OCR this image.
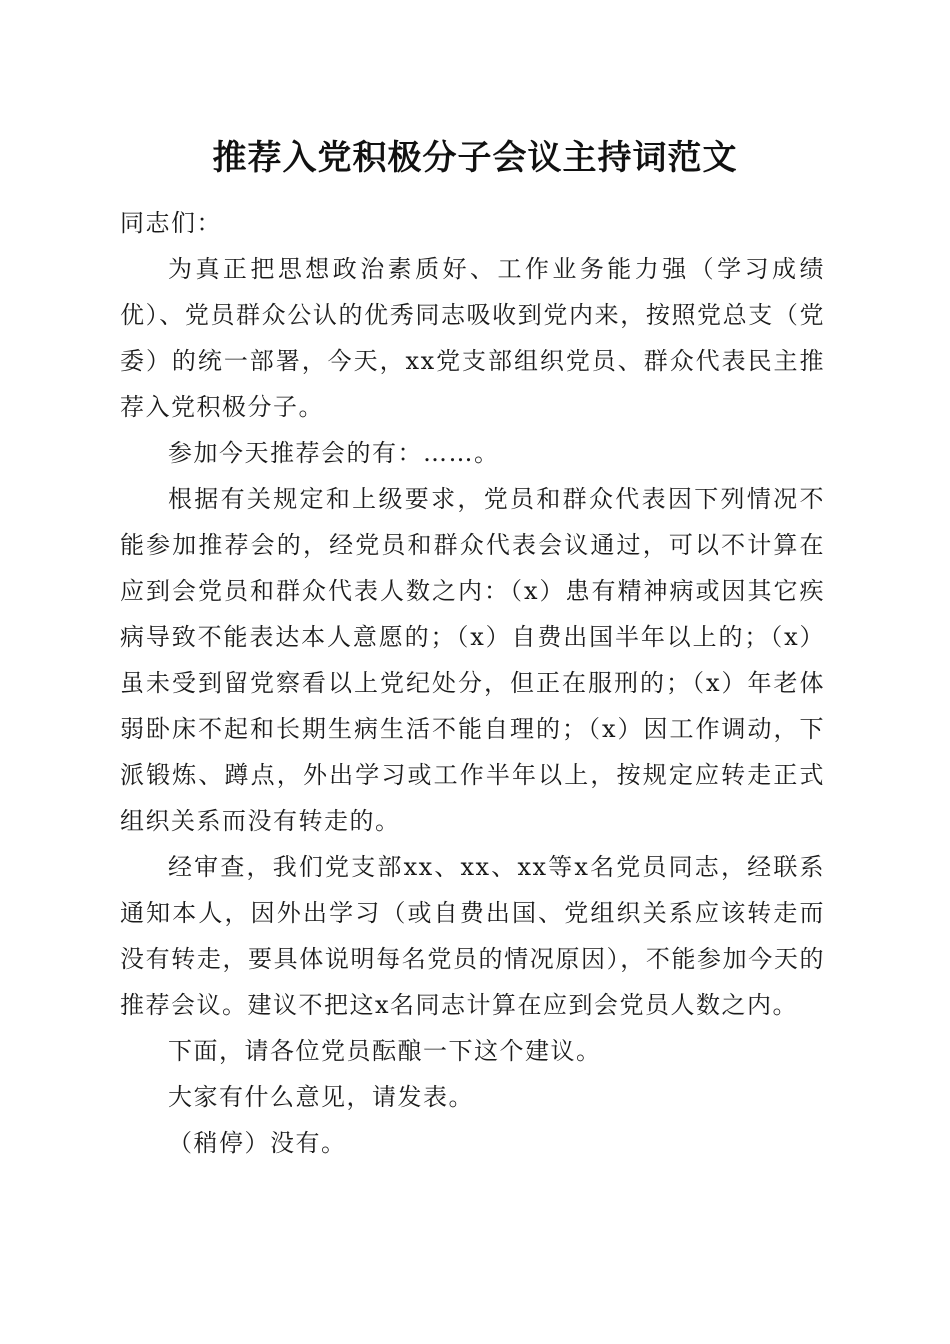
推荐入党积极分子会议主持词范文

同志们：

为真正把思想政治素质好、工作业务能力强（学习成绩优）、党员群众公认的优秀同志吸收到党内来，按照党总支（党委）的统一部署，今天，xx党支部组织党员、群众代表民主推荐入党积极分子。

参加今天推荐会的有：……。

根据有关规定和上级要求，党员和群众代表因下列情况不能参加推荐会的，经党员和群众代表会议通过，可以不计算在应到会党员和群众代表人数之内：（x）患有精神病或因其它疾病导致不能表达本人意愿的；（x）自费出国半年以上的；（x）虽未受到留党察看以上党纪处分，但正在服刑的；（x）年老体弱卧床不起和长期生病生活不能自理的；（x）因工作调动，下派锻炼、蹲点，外出学习或工作半年以上，按规定应转走正式组织关系而没有转走的。

经审查，我们党支部xx、xx、xx等x名党员同志，经联系通知本人，因外出学习（或自费出国、党组织关系应该转走而没有转走，要具体说明每名党员的情况原因），不能参加今天的推荐会议。建议不把这x名同志计算在应到会党员人数之内。

下面，请各位党员酝酿一下这个建议。

大家有什么意见，请发表。

（稍停）没有。
